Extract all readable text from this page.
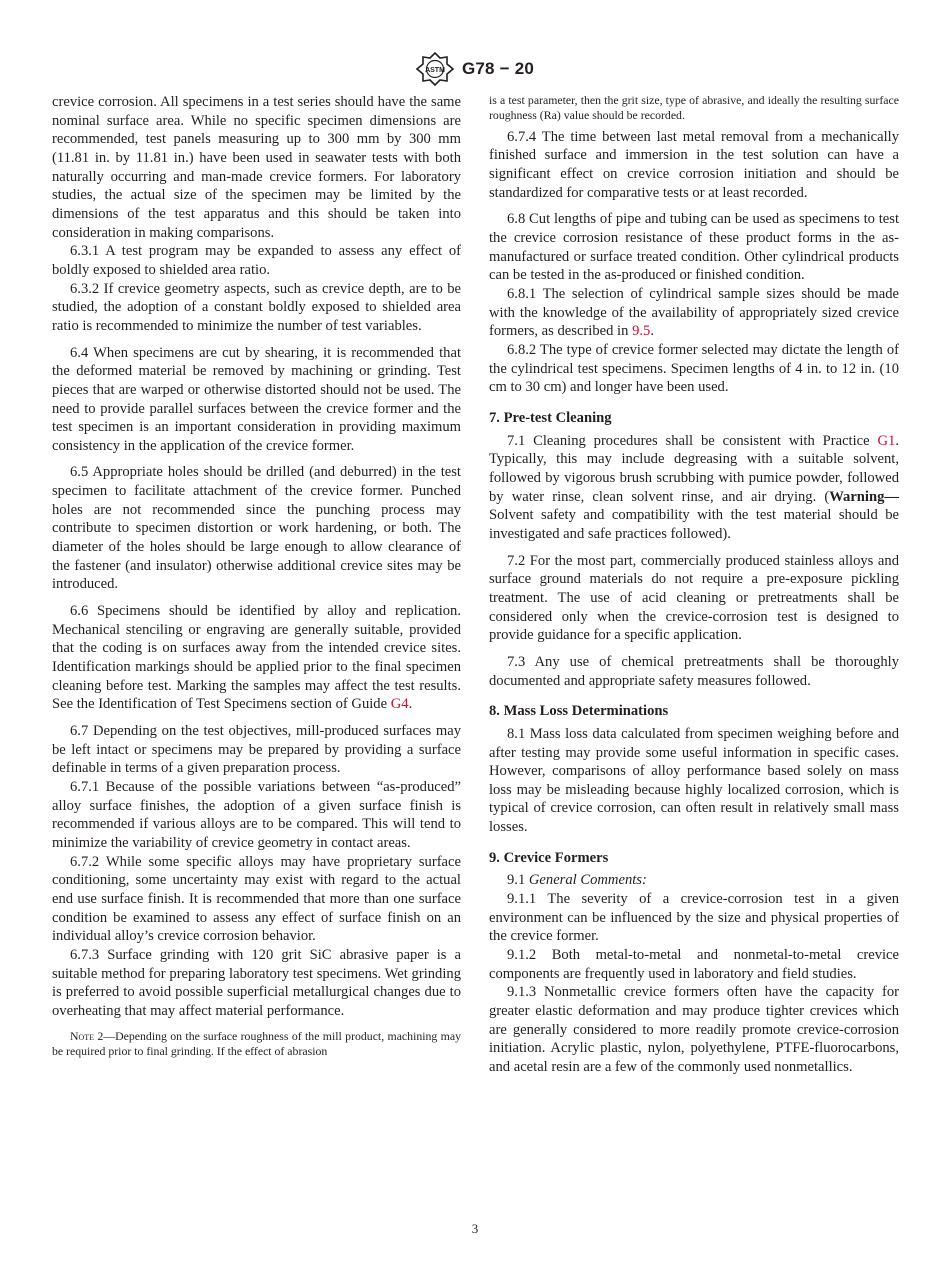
ASTM G78 − 20

crevice corrosion. All specimens in a test series should have the same nominal surface area. While no specific specimen dimensions are recommended, test panels measuring up to 300 mm by 300 mm (11.81 in. by 11.81 in.) have been used in seawater tests with both naturally occurring and man-made crevice formers. For laboratory studies, the actual size of the specimen may be limited by the dimensions of the test apparatus and this should be taken into consideration in making comparisons.

6.3.1 A test program may be expanded to assess any effect of boldly exposed to shielded area ratio.

6.3.2 If crevice geometry aspects, such as crevice depth, are to be studied, the adoption of a constant boldly exposed to shielded area ratio is recommended to minimize the number of test variables.

6.4 When specimens are cut by shearing, it is recommended that the deformed material be removed by machining or grinding. Test pieces that are warped or otherwise distorted should not be used. The need to provide parallel surfaces between the crevice former and the test specimen is an important consideration in providing maximum consistency in the application of the crevice former.

6.5 Appropriate holes should be drilled (and deburred) in the test specimen to facilitate attachment of the crevice former. Punched holes are not recommended since the punching process may contribute to specimen distortion or work hardening, or both. The diameter of the holes should be large enough to allow clearance of the fastener (and insulator) otherwise additional crevice sites may be introduced.

6.6 Specimens should be identified by alloy and replication. Mechanical stenciling or engraving are generally suitable, provided that the coding is on surfaces away from the intended crevice sites. Identification markings should be applied prior to the final specimen cleaning before test. Marking the samples may affect the test results. See the Identification of Test Specimens section of Guide G4.

6.7 Depending on the test objectives, mill-produced surfaces may be left intact or specimens may be prepared by providing a surface definable in terms of a given preparation process.

6.7.1 Because of the possible variations between “as-produced” alloy surface finishes, the adoption of a given surface finish is recommended if various alloys are to be compared. This will tend to minimize the variability of crevice geometry in contact areas.

6.7.2 While some specific alloys may have proprietary surface conditioning, some uncertainty may exist with regard to the actual end use surface finish. It is recommended that more than one surface condition be examined to assess any effect of surface finish on an individual alloy’s crevice corrosion behavior.

6.7.3 Surface grinding with 120 grit SiC abrasive paper is a suitable method for preparing laboratory test specimens. Wet grinding is preferred to avoid possible superficial metallurgical changes due to overheating that may affect material performance.

Note 2—Depending on the surface roughness of the mill product, machining may be required prior to final grinding. If the effect of abrasion

is a test parameter, then the grit size, type of abrasive, and ideally the resulting surface roughness (Ra) value should be recorded.

6.7.4 The time between last metal removal from a mechanically finished surface and immersion in the test solution can have a significant effect on crevice corrosion initiation and should be standardized for comparative tests or at least recorded.

6.8 Cut lengths of pipe and tubing can be used as specimens to test the crevice corrosion resistance of these product forms in the as-manufactured or surface treated condition. Other cylindrical products can be tested in the as-produced or finished condition.

6.8.1 The selection of cylindrical sample sizes should be made with the knowledge of the availability of appropriately sized crevice formers, as described in 9.5.

6.8.2 The type of crevice former selected may dictate the length of the cylindrical test specimens. Specimen lengths of 4 in. to 12 in. (10 cm to 30 cm) and longer have been used.

7. Pre-test Cleaning

7.1 Cleaning procedures shall be consistent with Practice G1. Typically, this may include degreasing with a suitable solvent, followed by vigorous brush scrubbing with pumice powder, followed by water rinse, clean solvent rinse, and air drying. (Warning—Solvent safety and compatibility with the test material should be investigated and safe practices followed).

7.2 For the most part, commercially produced stainless alloys and surface ground materials do not require a pre-exposure pickling treatment. The use of acid cleaning or pretreatments shall be considered only when the crevice-corrosion test is designed to provide guidance for a specific application.

7.3 Any use of chemical pretreatments shall be thoroughly documented and appropriate safety measures followed.

8. Mass Loss Determinations

8.1 Mass loss data calculated from specimen weighing before and after testing may provide some useful information in specific cases. However, comparisons of alloy performance based solely on mass loss may be misleading because highly localized corrosion, which is typical of crevice corrosion, can often result in relatively small mass losses.

9. Crevice Formers

9.1 General Comments:

9.1.1 The severity of a crevice-corrosion test in a given environment can be influenced by the size and physical properties of the crevice former.

9.1.2 Both metal-to-metal and nonmetal-to-metal crevice components are frequently used in laboratory and field studies.

9.1.3 Nonmetallic crevice formers often have the capacity for greater elastic deformation and may produce tighter crevices which are generally considered to more readily promote crevice-corrosion initiation. Acrylic plastic, nylon, polyethylene, PTFE-fluorocarbons, and acetal resin are a few of the commonly used nonmetallics.

3
